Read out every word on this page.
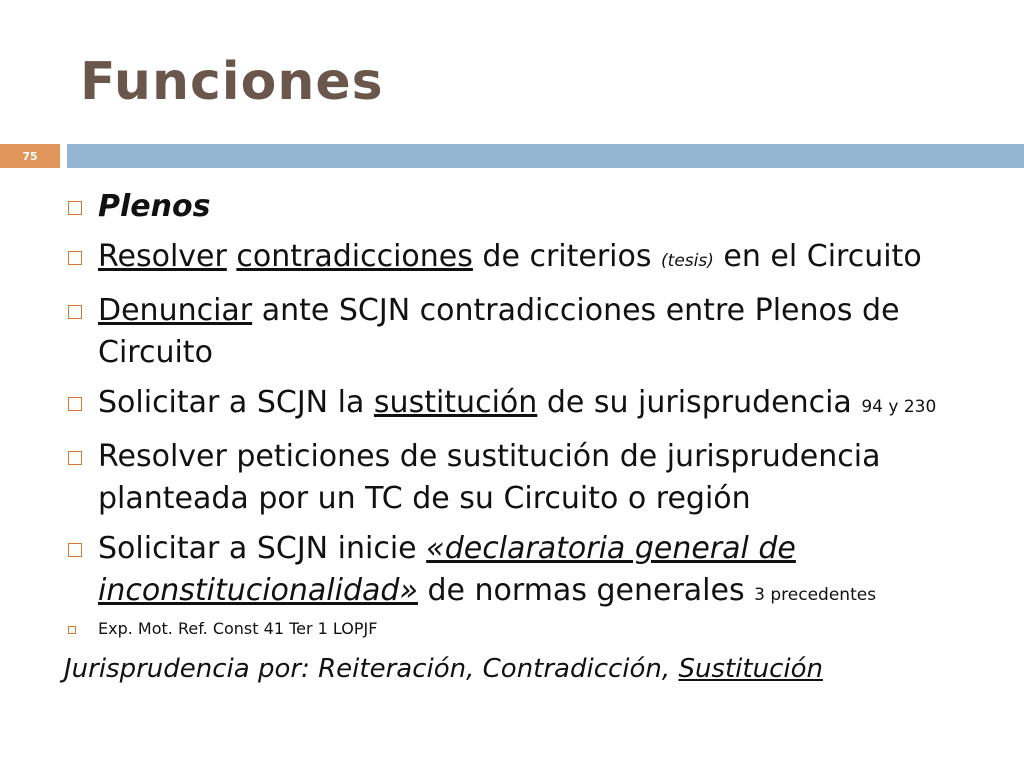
Funciones
75
Plenos
Resolver contradicciones de criterios (tesis) en el Circuito
Denunciar ante SCJN contradicciones entre Plenos de Circuito
Solicitar a SCJN la sustitución de su jurisprudencia 94 y 230
Resolver peticiones de sustitución de jurisprudencia planteada por un TC de su Circuito o región
Solicitar a SCJN inicie «declaratoria general de inconstitucionalidad» de normas generales 3 precedentes
Exp. Mot. Ref. Const 41 Ter 1 LOPJF
Jurisprudencia por: Reiteración, Contradicción, Sustitución
